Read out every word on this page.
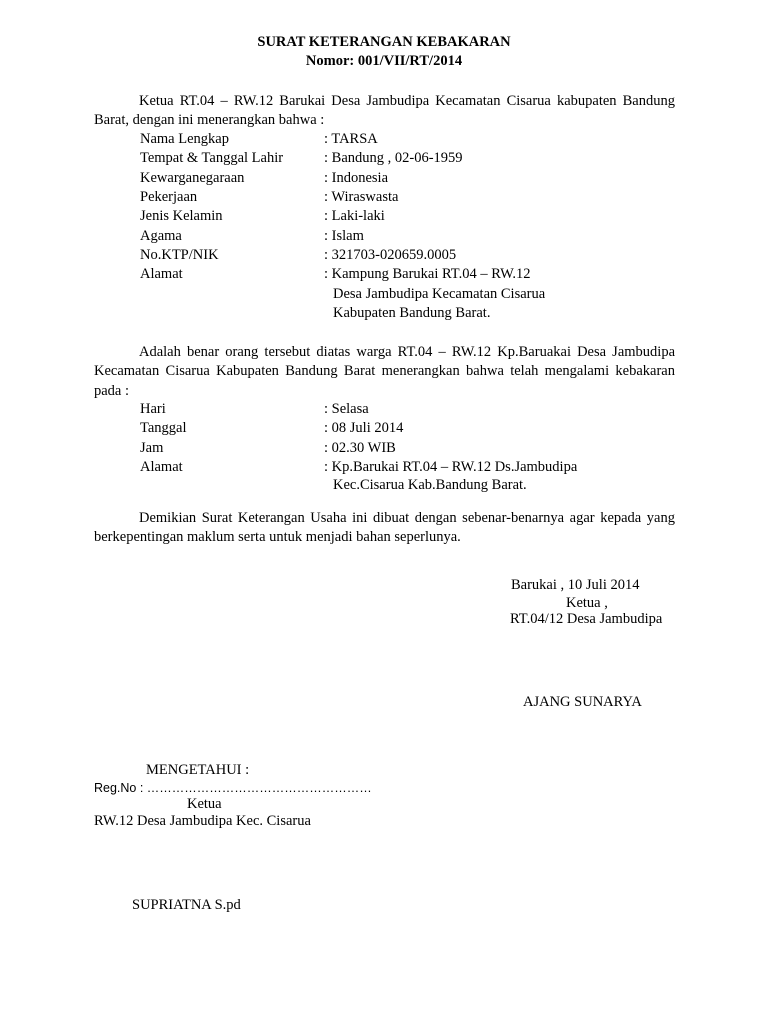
SURAT KETERANGAN KEBAKARAN
Nomor: 001/VII/RT/2014
Ketua RT.04 – RW.12 Barukai Desa Jambudipa Kecamatan Cisarua kabupaten Bandung Barat, dengan ini menerangkan bahwa :
Nama Lengkap	: TARSA
Tempat & Tanggal Lahir	: Bandung , 02-06-1959
Kewarganegaraan	: Indonesia
Pekerjaan	: Wiraswasta
Jenis Kelamin	: Laki-laki
Agama	: Islam
No.KTP/NIK	: 321703-020659.0005
Alamat	: Kampung Barukai RT.04 – RW.12
Desa Jambudipa Kecamatan Cisarua
Kabupaten Bandung Barat.
Adalah benar orang tersebut diatas warga RT.04 – RW.12 Kp.Baruakai Desa Jambudipa Kecamatan Cisarua Kabupaten Bandung Barat menerangkan bahwa telah mengalami kebakaran pada :
Hari	: Selasa
Tanggal	: 08 Juli 2014
Jam	: 02.30 WIB
Alamat	: Kp.Barukai RT.04 – RW.12 Ds.Jambudipa
Kec.Cisarua Kab.Bandung Barat.
Demikian Surat Keterangan Usaha ini dibuat dengan sebenar-benarnya agar kepada yang berkepentingan maklum serta untuk menjadi bahan seperlunya.
Barukai , 10 Juli 2014
Ketua ,
RT.04/12 Desa Jambudipa
AJANG SUNARYA
MENGETAHUI :
Reg.No : ………………………………………………
Ketua
RW.12 Desa Jambudipa Kec. Cisarua
SUPRIATNA S.pd
